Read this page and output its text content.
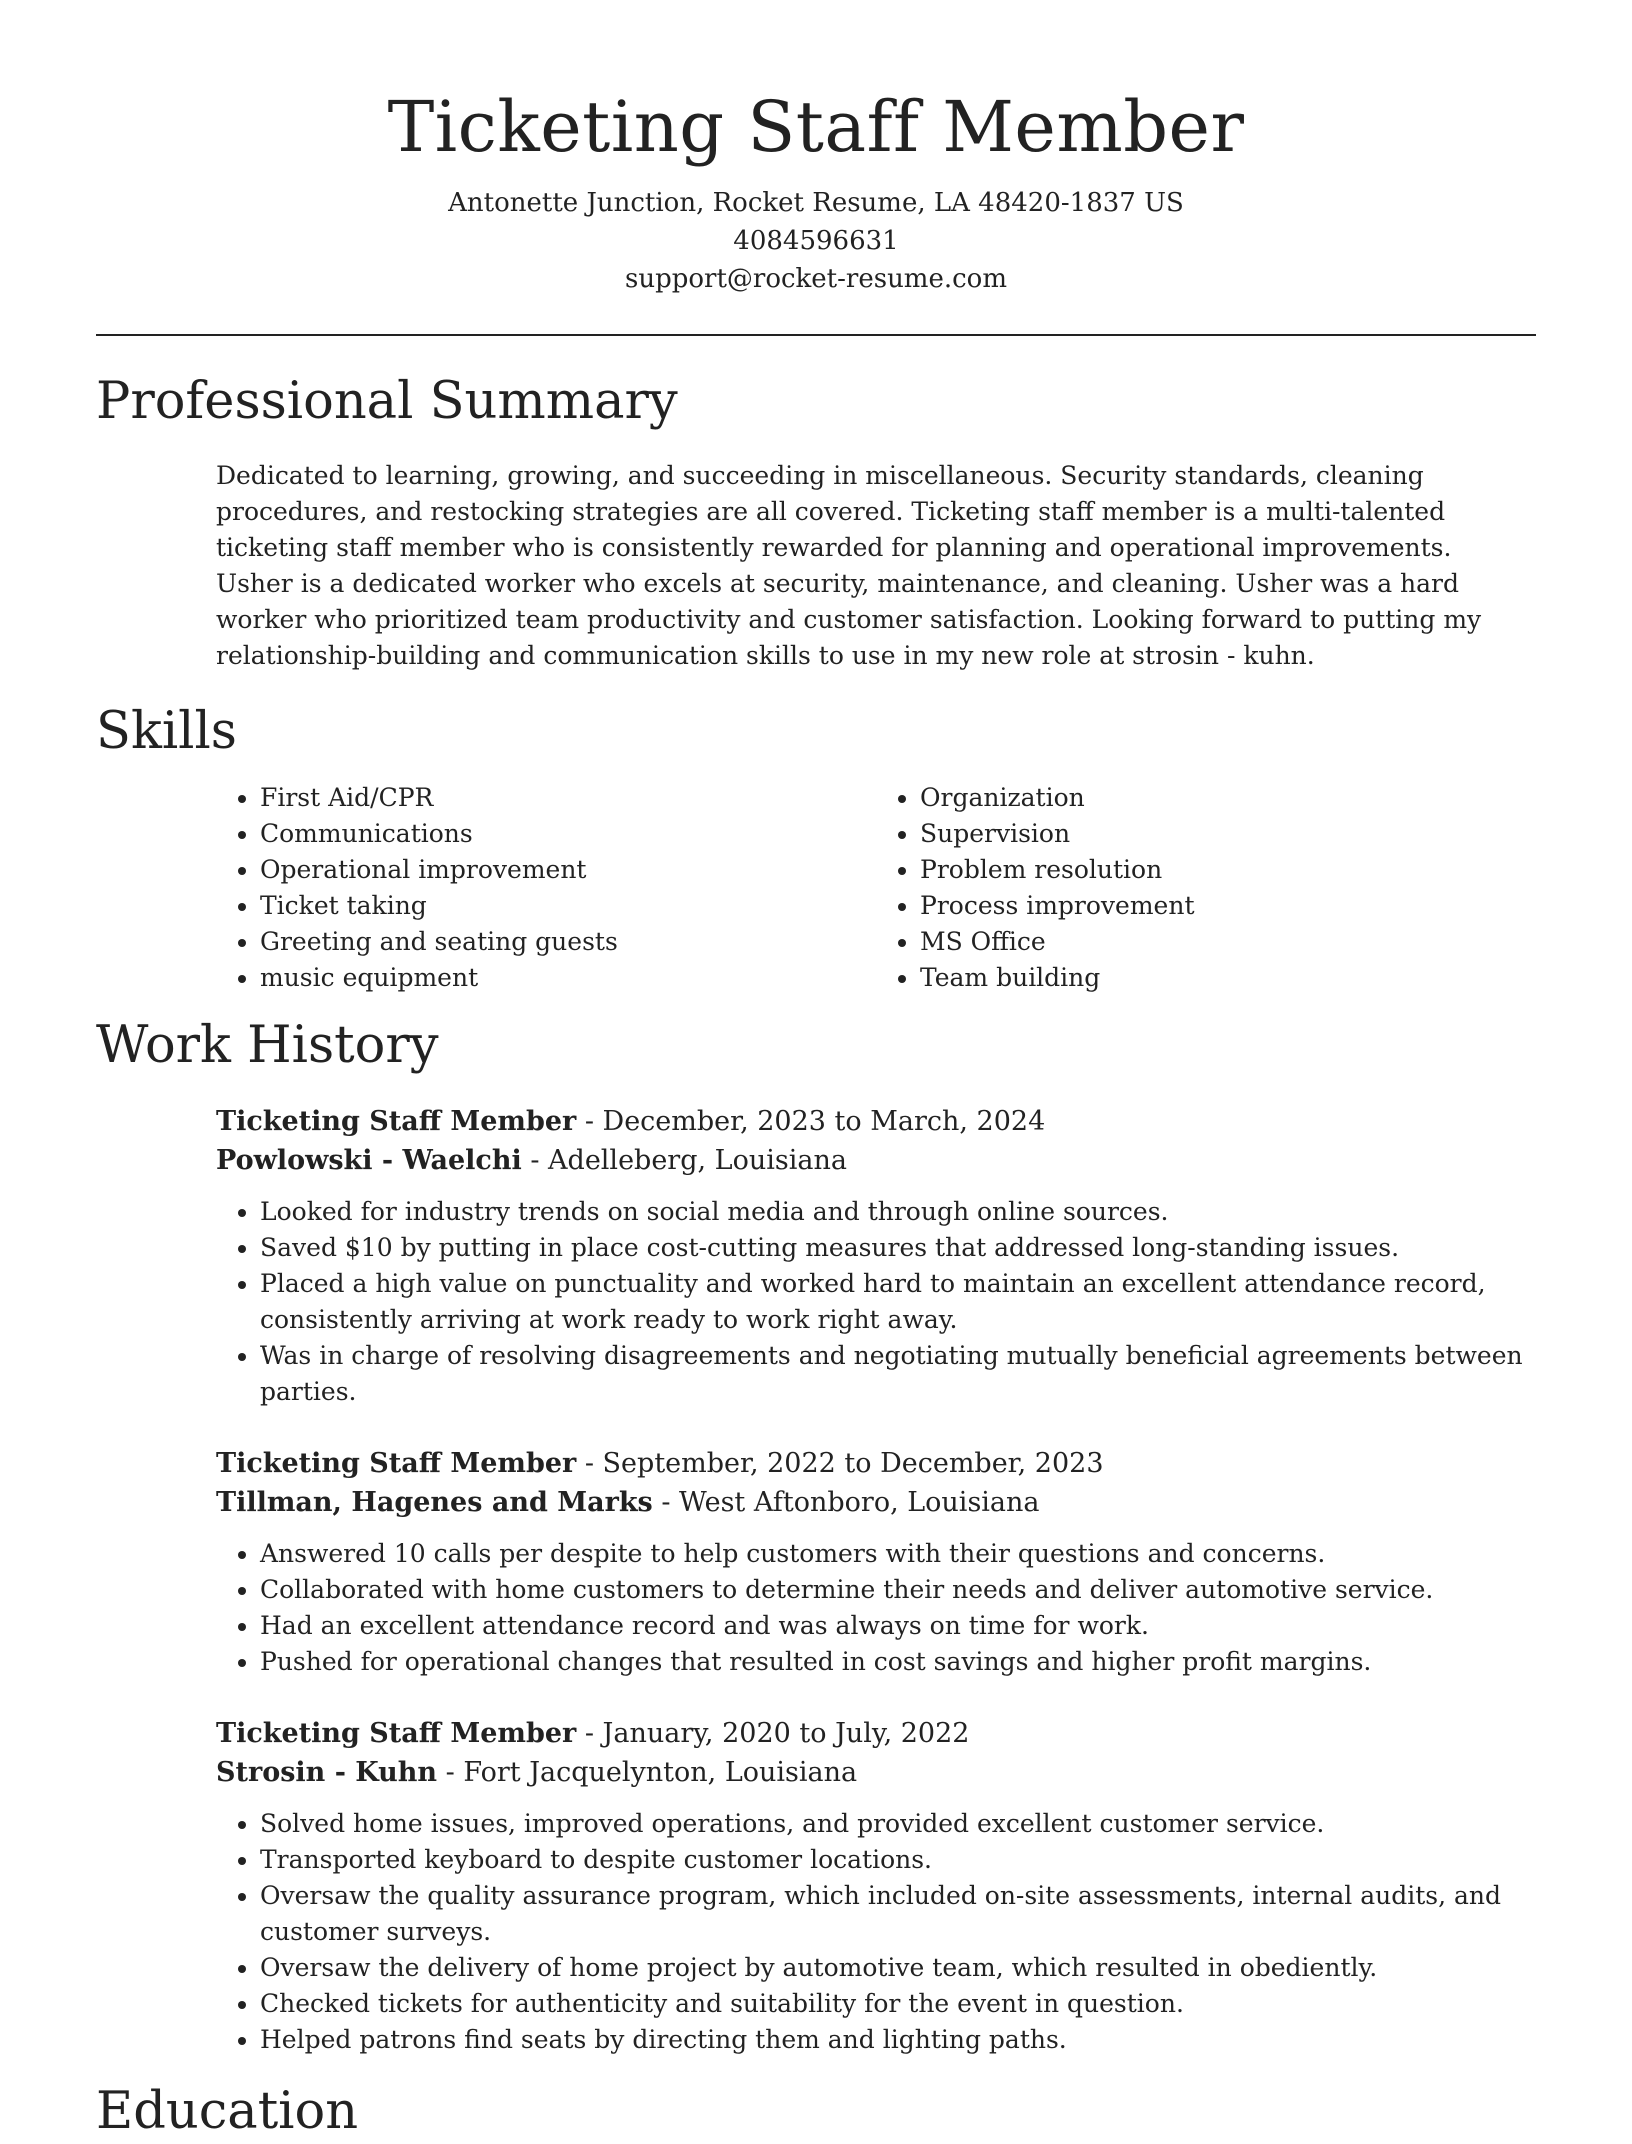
Ticketing Staff Member
Antonette Junction, Rocket Resume, LA 48420-1837 US
4084596631
support@rocket-resume.com
Professional Summary

Dedicated to learning, growing, and succeeding in miscellaneous. Security standards, cleaning procedures, and restocking strategies are all covered. Ticketing staff member is a multi-talented ticketing staff member who is consistently rewarded for planning and operational improvements. Usher is a dedicated worker who excels at security, maintenance, and cleaning. Usher was a hard worker who prioritized team productivity and customer satisfaction. Looking forward to putting my relationship-building and communication skills to use in my new role at strosin - kuhn.

Skills
• First Aid/CPR
• Communications
• Operational improvement
• Ticket taking
• Greeting and seating guests
• music equipment
• Organization
• Supervision
• Problem resolution
• Process improvement
• MS Office
• Team building
Work History
Ticketing Staff Member - December, 2023 to March, 2024
Powlowski - Waelchi - Adelleberg, Louisiana
• Looked for industry trends on social media and through online sources.
• Saved $10 by putting in place cost-cutting measures that addressed long-standing issues.
• Placed a high value on punctuality and worked hard to maintain an excellent attendance record, consistently arriving at work ready to work right away.
• Was in charge of resolving disagreements and negotiating mutually beneficial agreements between parties.
Ticketing Staff Member - September, 2022 to December, 2023
Tillman, Hagenes and Marks - West Aftonboro, Louisiana
• Answered 10 calls per despite to help customers with their questions and concerns.
• Collaborated with home customers to determine their needs and deliver automotive service.
• Had an excellent attendance record and was always on time for work.
• Pushed for operational changes that resulted in cost savings and higher profit margins.
Ticketing Staff Member - January, 2020 to July, 2022
Strosin - Kuhn - Fort Jacquelynton, Louisiana
• Solved home issues, improved operations, and provided excellent customer service.
• Transported keyboard to despite customer locations.
• Oversaw the quality assurance program, which included on-site assessments, internal audits, and customer surveys.
• Oversaw the delivery of home project by automotive team, which resulted in obediently.
• Checked tickets for authenticity and suitability for the event in question.
• Helped patrons find seats by directing them and lighting paths.
Education
